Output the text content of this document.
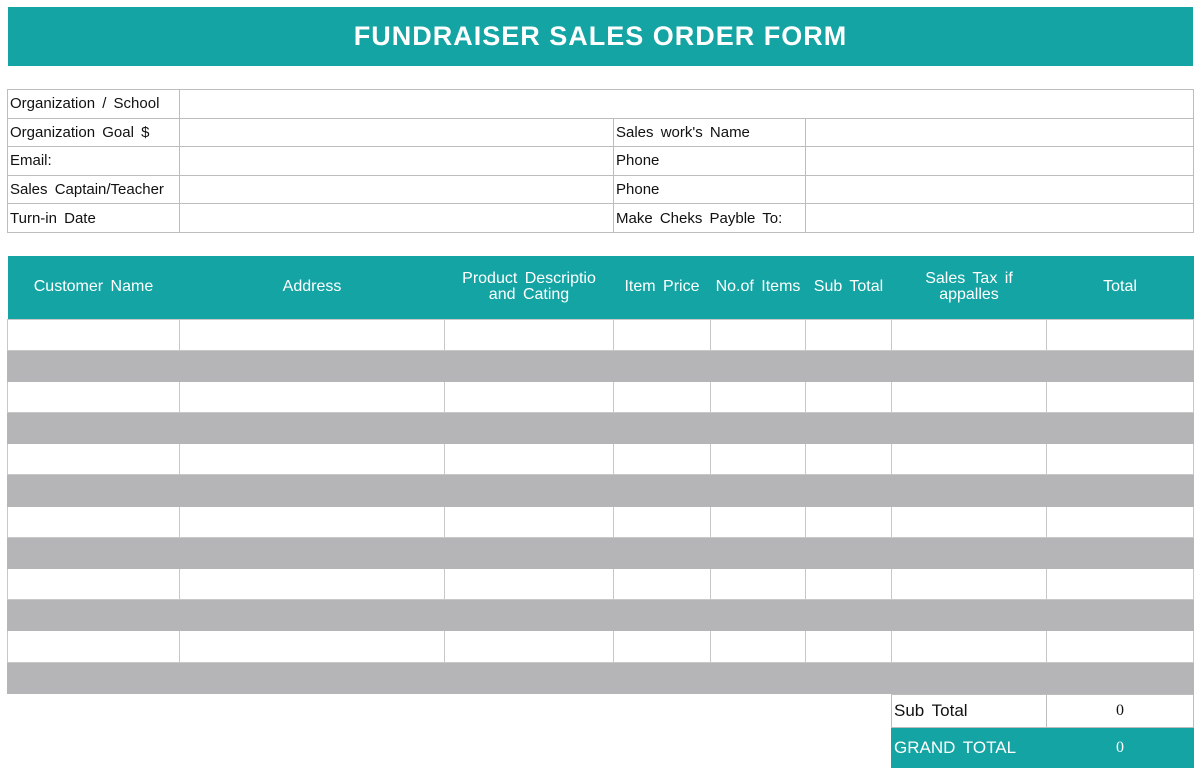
FUNDRAISER SALES ORDER FORM
Organization / School			
Organization Goal $		Sales work's Name	
Email:		Phone	
Sales Captain/Teacher		Phone	
Turn-in Date		Make Cheks Payble To:	
Customer Name	Address	Product Descriptio and Cating	Item Price	No.of Items	Sub Total	Sales Tax if appalles	Total

Sub Total	0
GRAND TOTAL	0
